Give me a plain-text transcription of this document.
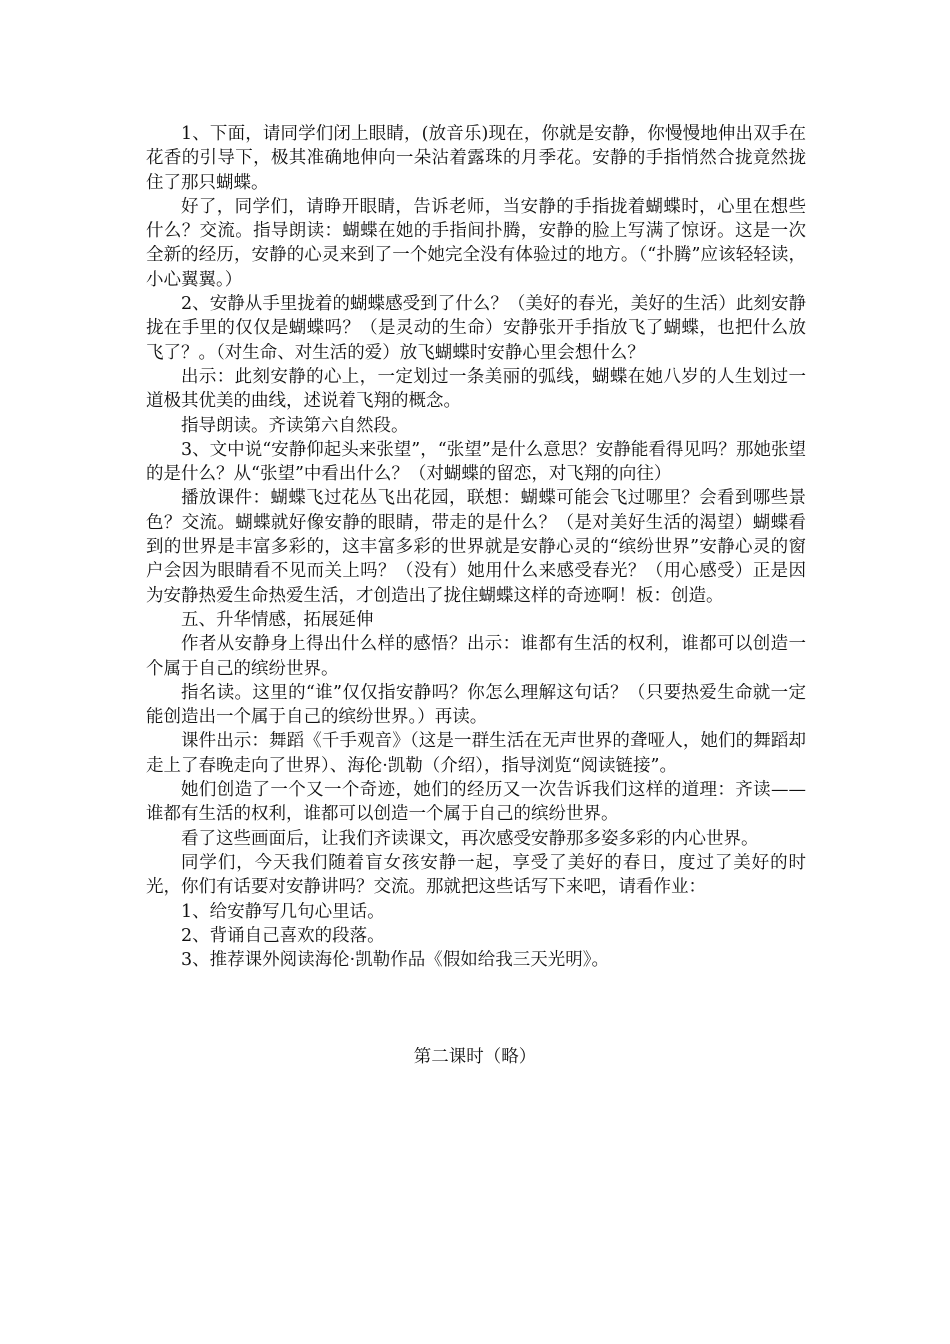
1、下面，请同学们闭上眼睛，(放音乐)现在，你就是安静，你慢慢地伸出双手在花香的引导下，极其准确地伸向一朵沾着露珠的月季花。安静的手指悄然合拢竟然拢住了那只蝴蝶。

好了，同学们，请睁开眼睛，告诉老师，当安静的手指拢着蝴蝶时，心里在想些什么？交流。指导朗读：蝴蝶在她的手指间扑腾，安静的脸上写满了惊讶。这是一次全新的经历，安静的心灵来到了一个她完全没有体验过的地方。（“扑腾”应该轻轻读，小心翼翼。）

2、安静从手里拢着的蝴蝶感受到了什么？（美好的春光，美好的生活）此刻安静拢在手里的仅仅是蝴蝶吗？（是灵动的生命）安静张开手指放飞了蝴蝶，也把什么放飞了？。（对生命、对生活的爱）放飞蝴蝶时安静心里会想什么？

出示：此刻安静的心上，一定划过一条美丽的弧线，蝴蝶在她八岁的人生划过一道极其优美的曲线，述说着飞翔的概念。

指导朗读。齐读第六自然段。

3、文中说“安静仰起头来张望”，“张望”是什么意思？安静能看得见吗？那她张望的是什么？从“张望”中看出什么？（对蝴蝶的留恋，对飞翔的向往）

播放课件：蝴蝶飞过花丛飞出花园，联想：蝴蝶可能会飞过哪里？会看到哪些景色？交流。蝴蝶就好像安静的眼睛，带走的是什么？（是对美好生活的渴望）蝴蝶看到的世界是丰富多彩的，这丰富多彩的世界就是安静心灵的“缤纷世界”安静心灵的窗户会因为眼睛看不见而关上吗？（没有）她用什么来感受春光？（用心感受）正是因为安静热爱生命热爱生活，才创造出了拢住蝴蝶这样的奇迹啊！板：创造。

五、升华情感，拓展延伸

作者从安静身上得出什么样的感悟？出示：谁都有生活的权利，谁都可以创造一个属于自己的缤纷世界。

指名读。这里的“谁”仅仅指安静吗？你怎么理解这句话？（只要热爱生命就一定能创造出一个属于自己的缤纷世界。）再读。

课件出示：舞蹈《千手观音》（这是一群生活在无声世界的聋哑人，她们的舞蹈却走上了春晚走向了世界）、海伦·凯勒（介绍），指导浏览“阅读链接”。

她们创造了一个又一个奇迹，她们的经历又一次告诉我们这样的道理：齐读——谁都有生活的权利，谁都可以创造一个属于自己的缤纷世界。

看了这些画面后，让我们齐读课文，再次感受安静那多姿多彩的内心世界。

同学们，今天我们随着盲女孩安静一起，享受了美好的春日，度过了美好的时光，你们有话要对安静讲吗？交流。那就把这些话写下来吧，请看作业：

1、给安静写几句心里话。

2、背诵自己喜欢的段落。

3、推荐课外阅读海伦·凯勒作品《假如给我三天光明》。

第二课时（略）
